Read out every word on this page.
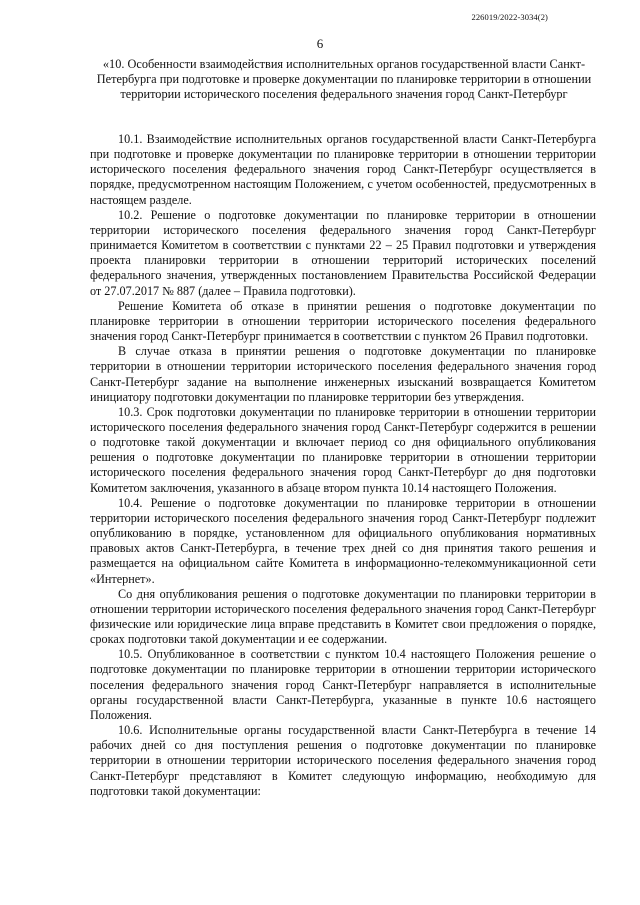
226019/2022-3034(2)
6
«10. Особенности взаимодействия исполнительных органов государственной власти Санкт-Петербурга при подготовке и проверке документации по планировке территории в отношении территории исторического поселения федерального значения город Санкт-Петербург

10.1. Взаимодействие исполнительных органов государственной власти Санкт-Петербурга при подготовке и проверке документации по планировке территории в отношении территории исторического поселения федерального значения город Санкт-Петербург осуществляется в порядке, предусмотренном настоящим Положением, с учетом особенностей, предусмотренных в настоящем разделе.

10.2. Решение о подготовке документации по планировке территории в отношении территории исторического поселения федерального значения город Санкт-Петербург принимается Комитетом в соответствии с пунктами 22 – 25 Правил подготовки и утверждения проекта планировки территории в отношении территорий исторических поселений федерального значения, утвержденных постановлением Правительства Российской Федерации от 27.07.2017 № 887 (далее – Правила подготовки).

Решение Комитета об отказе в принятии решения о подготовке документации по планировке территории в отношении территории исторического поселения федерального значения город Санкт-Петербург принимается в соответствии с пунктом 26 Правил подготовки.

В случае отказа в принятии решения о подготовке документации по планировке территории в отношении территории исторического поселения федерального значения город Санкт-Петербург задание на выполнение инженерных изысканий возвращается Комитетом инициатору подготовки документации по планировке территории без утверждения.

10.3. Срок подготовки документации по планировке территории в отношении территории исторического поселения федерального значения город Санкт-Петербург содержится в решении о подготовке такой документации и включает период со дня официального опубликования решения о подготовке документации по планировке территории в отношении территории исторического поселения федерального значения город Санкт-Петербург до дня подготовки Комитетом заключения, указанного в абзаце втором пункта 10.14 настоящего Положения.

10.4. Решение о подготовке документации по планировке территории в отношении территории исторического поселения федерального значения город Санкт-Петербург подлежит опубликованию в порядке, установленном для официального опубликования нормативных правовых актов Санкт-Петербурга, в течение трех дней со дня принятия такого решения и размещается на официальном сайте Комитета в информационно-телекоммуникационной сети «Интернет».

Со дня опубликования решения о подготовке документации по планировки территории в отношении территории исторического поселения федерального значения город Санкт-Петербург физические или юридические лица вправе представить в Комитет свои предложения о порядке, сроках подготовки такой документации и ее содержании.

10.5. Опубликованное в соответствии с пунктом 10.4 настоящего Положения решение о подготовке документации по планировке территории в отношении территории исторического поселения федерального значения город Санкт-Петербург направляется в исполнительные органы государственной власти Санкт-Петербурга, указанные в пункте 10.6 настоящего Положения.

10.6. Исполнительные органы государственной власти Санкт-Петербурга в течение 14 рабочих дней со дня поступления решения о подготовке документации по планировке территории в отношении территории исторического поселения федерального значения город Санкт-Петербург представляют в Комитет следующую информацию, необходимую для подготовки такой документации:
